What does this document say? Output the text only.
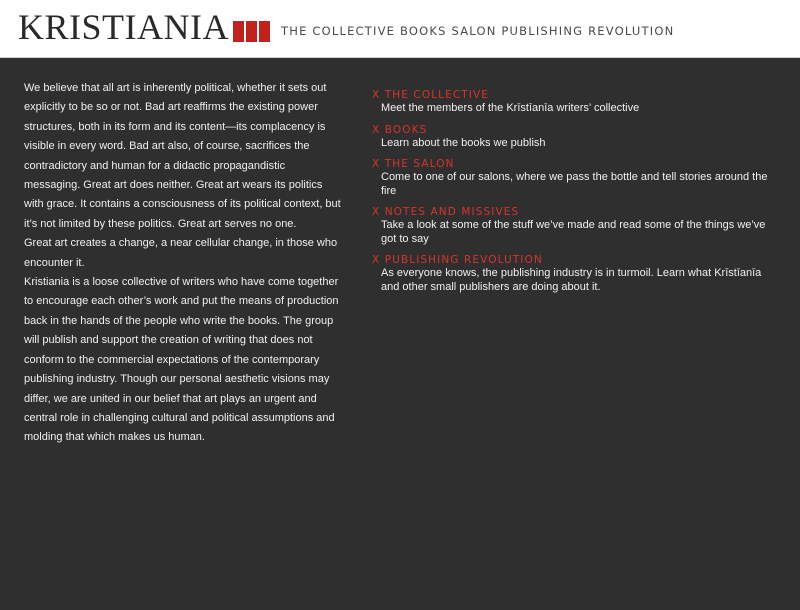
KRISTIANIA	THE COLLECTIVE BOOKS SALON PUBLISHING REVOLUTION

We believe that all art is inherently political, whether it sets out explicitly to be so or not. Bad art reaffirms the existing power structures, both in its form and its content—its complacency is visible in every word. Bad art also, of course, sacrifices the contradictory and human for a didactic propagandistic messaging. Great art does neither. Great art wears its politics with grace. It contains a consciousness of its political context, but it’s not limited by these politics. Great art serves no one.

Great art creates a change, a near cellular change, in those who encounter it.

Kristiania is a loose collective of writers who have come together to encourage each other’s work and put the means of production back in the hands of the people who write the books. The group will publish and support the creation of writing that does not conform to the commercial expectations of the contemporary publishing industry. Though our personal aesthetic visions may differ, we are united in our belief that art plays an urgent and central role in challenging cultural and political assumptions and molding that which makes us human.

X THE COLLECTIVE
Meet the members of the Krīstīanīa writers’ collective
X BOOKS
Learn about the books we publish
X THE SALON
Come to one of our salons, where we pass the bottle and tell stories around the fire
X NOTES AND MISSIVES
Take a look at some of the stuff we’ve made and read some of the things we’ve got to say
X PUBLISHING REVOLUTION
As everyone knows, the publishing industry is in turmoil. Learn what Krīstīanīa and other small publishers are doing about it.
